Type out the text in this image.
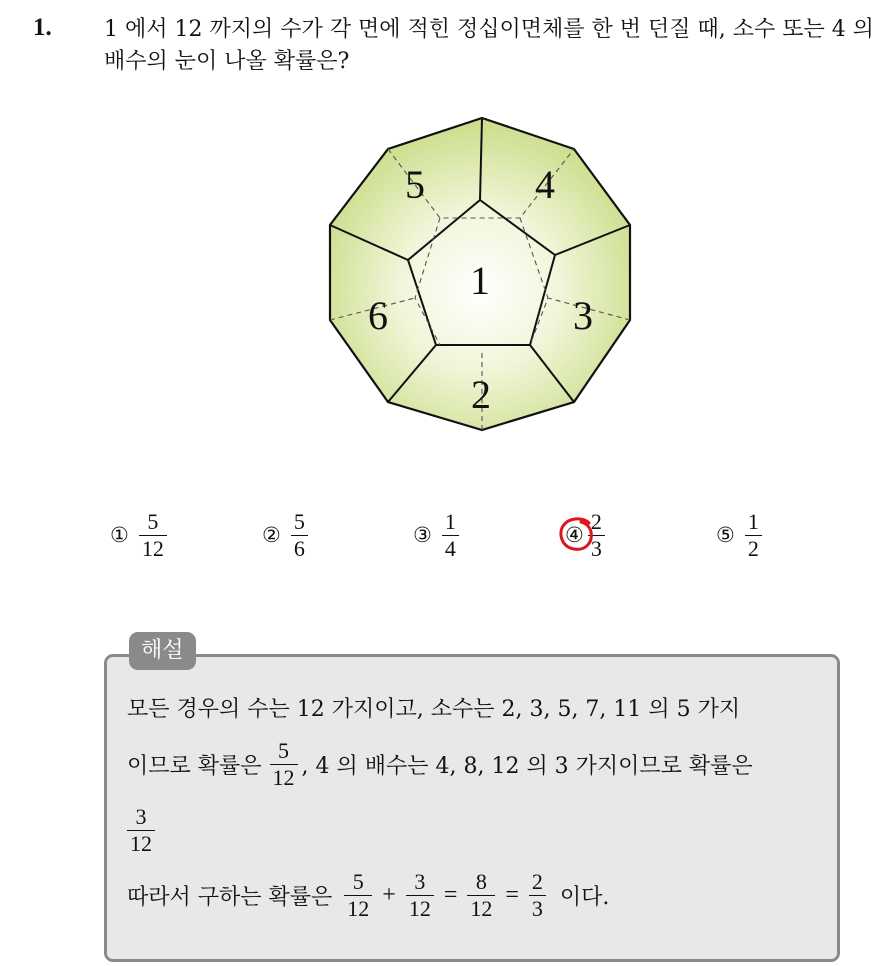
1. 1 에서 12 까지의 수가 각 면에 적힌 정십이면체를 한 번 던질 때, 소수 또는 4 의 배수의 눈이 나올 확률은?
1
2
3
4
5
6
① $\frac{5}{12}$	② $\frac{5}{6}$	③ $\frac{1}{4}$	④ $\frac{2}{3}$	⑤ $\frac{1}{2}$
해설
모든 경우의 수는 12 가지이고, 소수는 2, 3, 5, 7, 11 의 5 가지
이므로 확률은 $\frac{5}{12}$ , 4 의 배수는 4, 8, 12 의 3 가지이므로 확률은
$\frac{3}{12}$
따라서 구하는 확률은 $\frac{5}{12} + \frac{3}{12} = \frac{8}{12} = \frac{2}{3}$ 이다.
